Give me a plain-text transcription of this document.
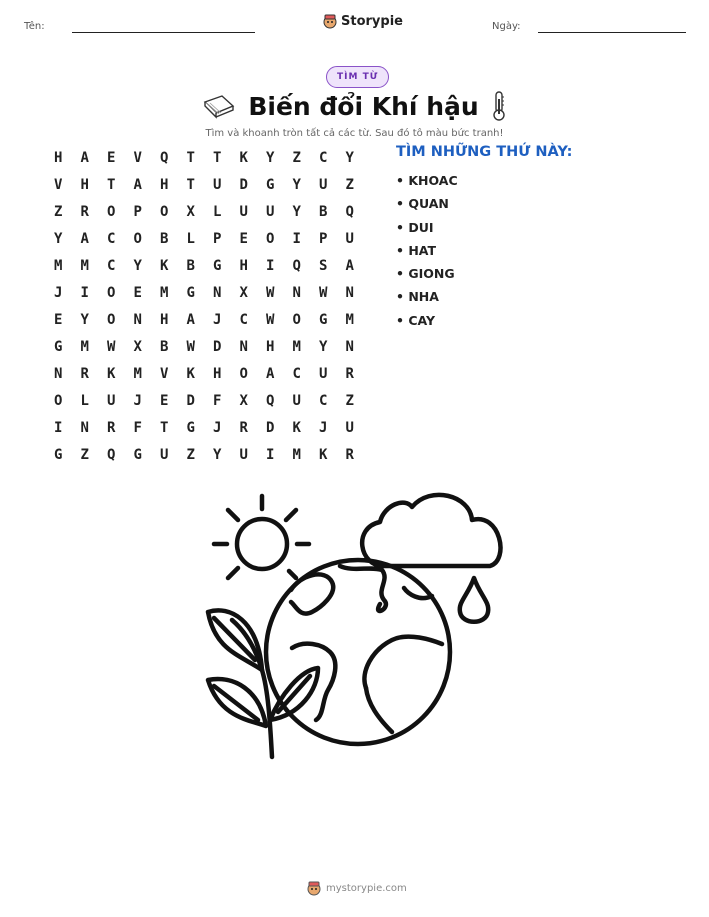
Tên:	Storypie	Ngày:
TÌM TỪ
Biến đổi Khí hậu
Tìm và khoanh tròn tất cả các từ. Sau đó tô màu bức tranh!
H	A	E	V	Q	T	T	K	Y	Z	C	Y
V	H	T	A	H	T	U	D	G	Y	U	Z
Z	R	O	P	O	X	L	U	U	Y	B	Q
Y	A	C	O	B	L	P	E	O	I	P	U
M	M	C	Y	K	B	G	H	I	Q	S	A
J	I	O	E	M	G	N	X	W	N	W	N
E	Y	O	N	H	A	J	C	W	O	G	M
G	M	W	X	B	W	D	N	H	M	Y	N
N	R	K	M	V	K	H	O	A	C	U	R
O	L	U	J	E	D	F	X	Q	U	C	Z
I	N	R	F	T	G	J	R	D	K	J	U
G	Z	Q	G	U	Z	Y	U	I	M	K	R
TÌM NHỮNG THỨ NÀY:
• KHOAC
• QUAN
• DUI
• HAT
• GIONG
• NHA
• CAY
mystorypie.com
